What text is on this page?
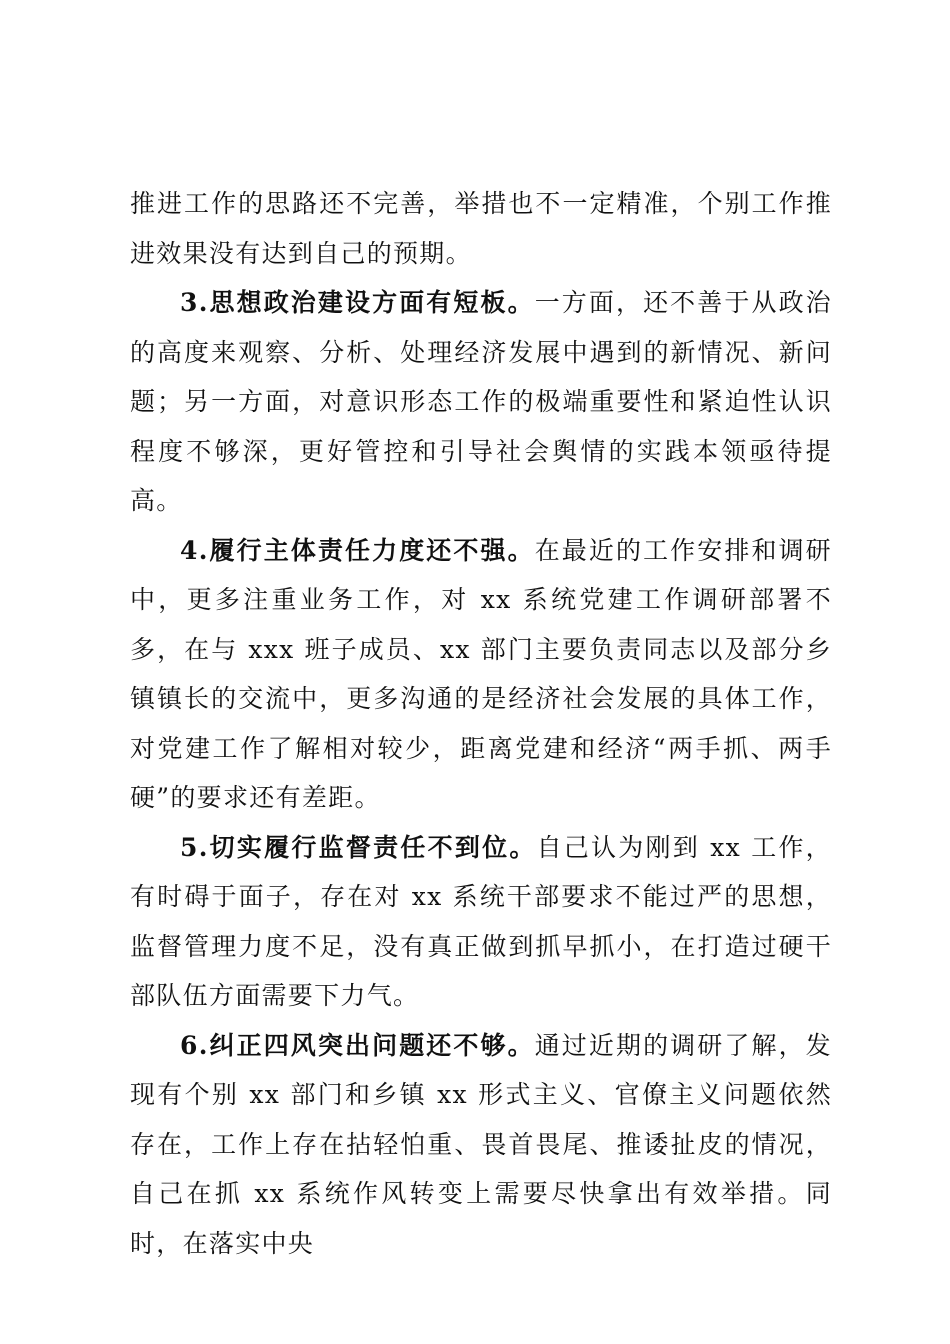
推进工作的思路还不完善，举措也不一定精准，个别工作推进效果没有达到自己的预期。

3.思想政治建设方面有短板。一方面，还不善于从政治的高度来观察、分析、处理经济发展中遇到的新情况、新问题；另一方面，对意识形态工作的极端重要性和紧迫性认识程度不够深，更好管控和引导社会舆情的实践本领亟待提高。

4.履行主体责任力度还不强。在最近的工作安排和调研中，更多注重业务工作，对 xx 系统党建工作调研部署不多，在与 xxx 班子成员、xx 部门主要负责同志以及部分乡镇镇长的交流中，更多沟通的是经济社会发展的具体工作，对党建工作了解相对较少，距离党建和经济“两手抓、两手硬”的要求还有差距。

5.切实履行监督责任不到位。自己认为刚到 xx 工作，有时碍于面子，存在对 xx 系统干部要求不能过严的思想，监督管理力度不足，没有真正做到抓早抓小，在打造过硬干部队伍方面需要下力气。

6.纠正四风突出问题还不够。通过近期的调研了解，发现有个别 xx 部门和乡镇 xx 形式主义、官僚主义问题依然存在，工作上存在拈轻怕重、畏首畏尾、推诿扯皮的情况，自己在抓 xx 系统作风转变上需要尽快拿出有效举措。同时，在落实中央
